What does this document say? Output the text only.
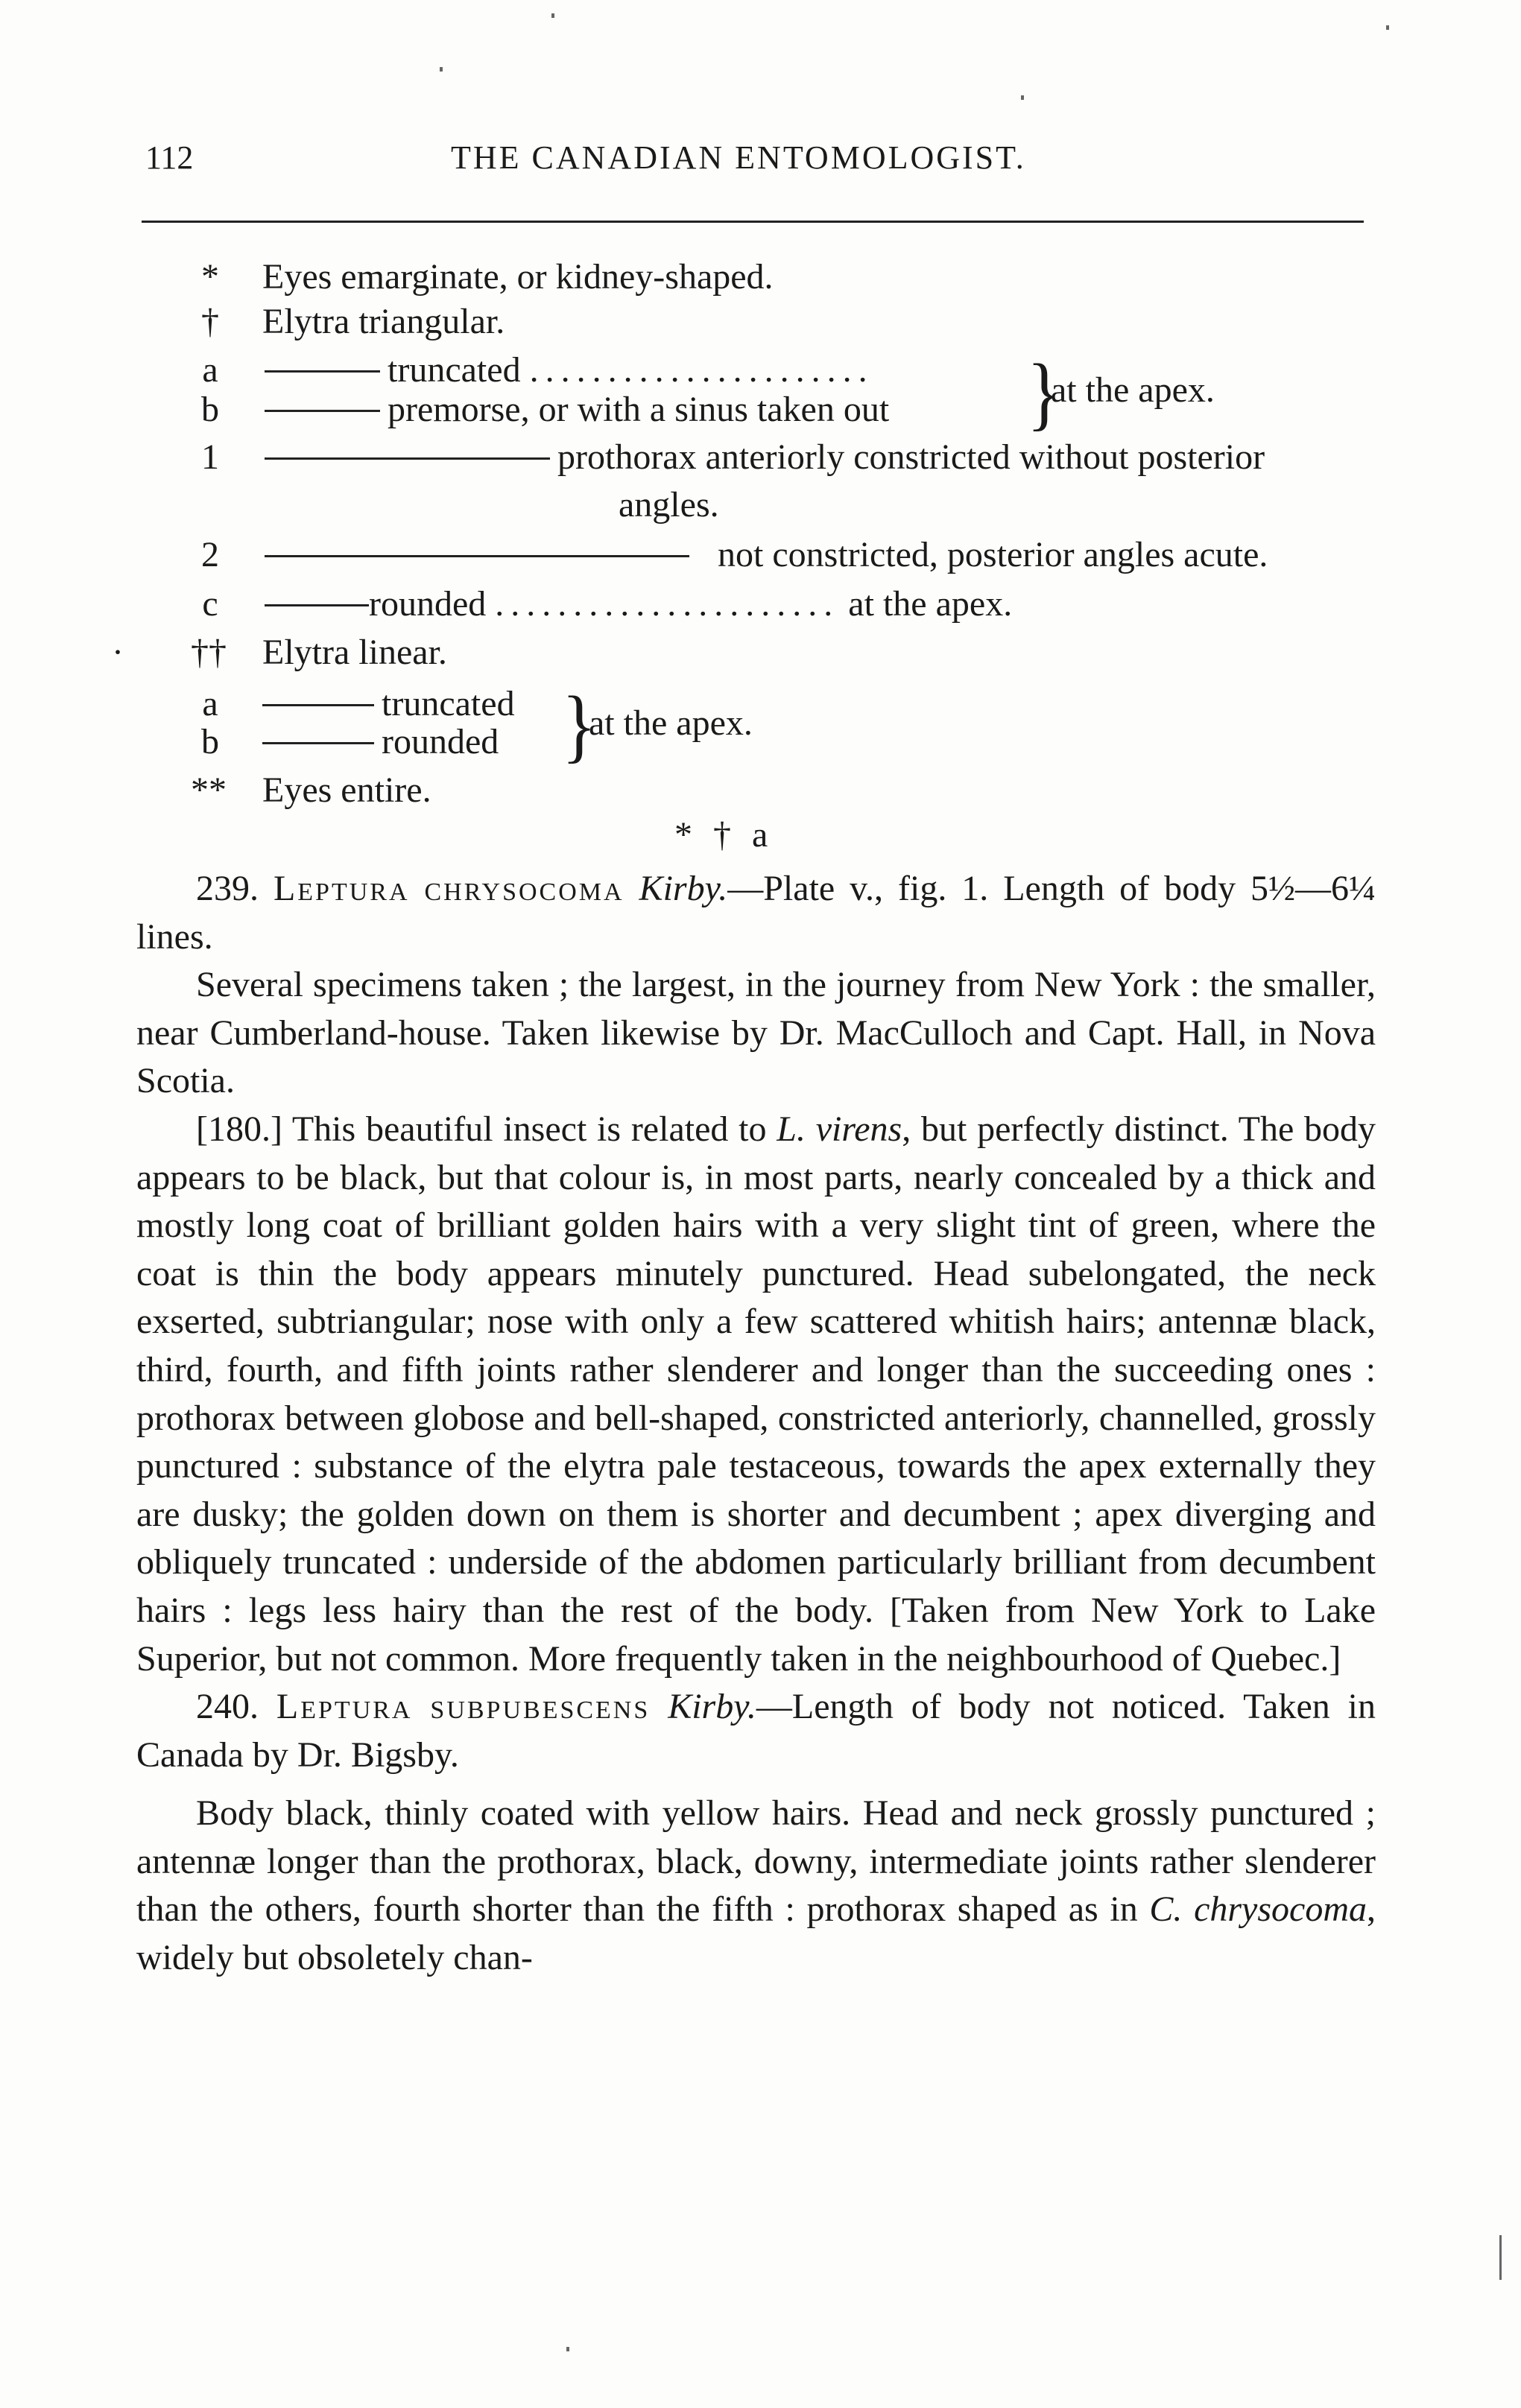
112	THE CANADIAN ENTOMOLOGIST.
*	Eyes emarginate, or kidney-shaped.
†	Elytra triangular.
a	truncated ......................
b	premorse, or with a sinus taken out }
at the apex.
1	prothorax anteriorly constricted without posterior
angles.
2	not constricted, posterior angles acute.
c	rounded ...................... at the apex.
·	††	Elytra linear.
a	truncated
b	rounded }
at the apex.
**	Eyes entire.
* † a

239. Leptura chrysocoma Kirby.—Plate v., fig. 1. Length of body 5½—6¼ lines.

Several specimens taken ; the largest, in the journey from New York : the smaller, near Cumberland-house. Taken likewise by Dr. MacCulloch and Capt. Hall, in Nova Scotia.

[180.] This beautiful insect is related to L. virens, but perfectly distinct. The body appears to be black, but that colour is, in most parts, nearly concealed by a thick and mostly long coat of brilliant golden hairs with a very slight tint of green, where the coat is thin the body appears minutely punctured. Head subelongated, the neck exserted, subtriangular; nose with only a few scattered whitish hairs; antennæ black, third, fourth, and fifth joints rather slenderer and longer than the succeeding ones : prothorax between globose and bell-shaped, constricted anteriorly, channelled, grossly punctured : substance of the elytra pale testaceous, towards the apex externally they are dusky; the golden down on them is shorter and decumbent ; apex diverging and obliquely truncated : underside of the abdomen particularly brilliant from decumbent hairs : legs less hairy than the rest of the body. [Taken from New York to Lake Superior, but not common. More frequently taken in the neighbourhood of Quebec.]

240. Leptura subpubescens Kirby.—Length of body not noticed. Taken in Canada by Dr. Bigsby.

Body black, thinly coated with yellow hairs. Head and neck grossly punctured ; antennæ longer than the prothorax, black, downy, intermediate joints rather slenderer than the others, fourth shorter than the fifth : prothorax shaped as in C. chrysocoma, widely but obsoletely chan-
